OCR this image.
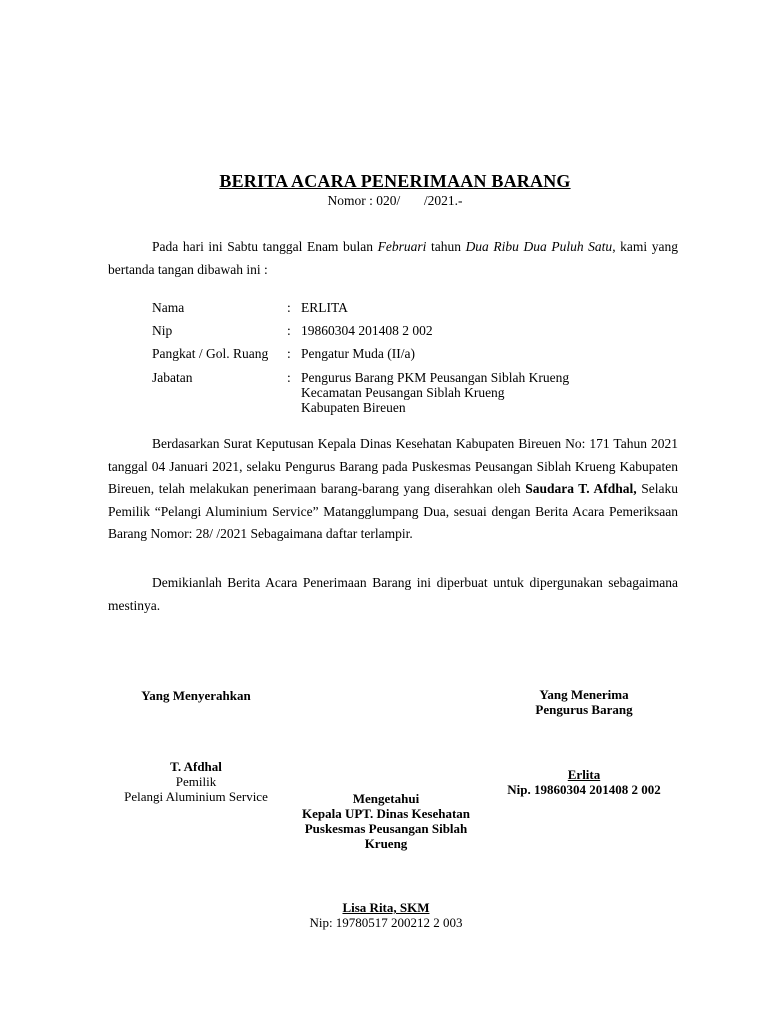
BERITA ACARA PENERIMAAN BARANG
Nomor : 020/       /2021.-
Pada hari ini Sabtu tanggal Enam bulan Februari tahun Dua Ribu Dua Puluh Satu, kami yang bertanda tangan dibawah ini :
Nama	: ERLITA
Nip	: 19860304 201408 2 002
Pangkat / Gol. Ruang : Pengatur Muda (II/a)
Jabatan	: Pengurus Barang PKM Peusangan Siblah Krueng
Kecamatan Peusangan Siblah Krueng
Kabupaten Bireuen
Berdasarkan Surat Keputusan Kepala Dinas Kesehatan Kabupaten Bireuen No: 171 Tahun 2021 tanggal 04 Januari 2021, selaku Pengurus Barang pada Puskesmas Peusangan Siblah Krueng Kabupaten Bireuen, telah melakukan penerimaan barang-barang yang diserahkan oleh Saudara T. Afdhal, Selaku Pemilik “Pelangi Aluminium Service” Matangglumpang Dua, sesuai dengan Berita Acara Pemeriksaan Barang Nomor: 28/ /2021 Sebagaimana daftar terlampir.
Demikianlah Berita Acara Penerimaan Barang ini diperbuat untuk dipergunakan sebagaimana mestinya.
Yang Menyerahkan
T. Afdhal
Pemilik
Pelangi Aluminium Service
Yang Menerima
Pengurus Barang
Erlita
Nip. 19860304 201408 2 002
Mengetahui
Kepala UPT. Dinas Kesehatan
Puskesmas Peusangan Siblah
Krueng
Lisa Rita, SKM
Nip: 19780517 200212 2 003
